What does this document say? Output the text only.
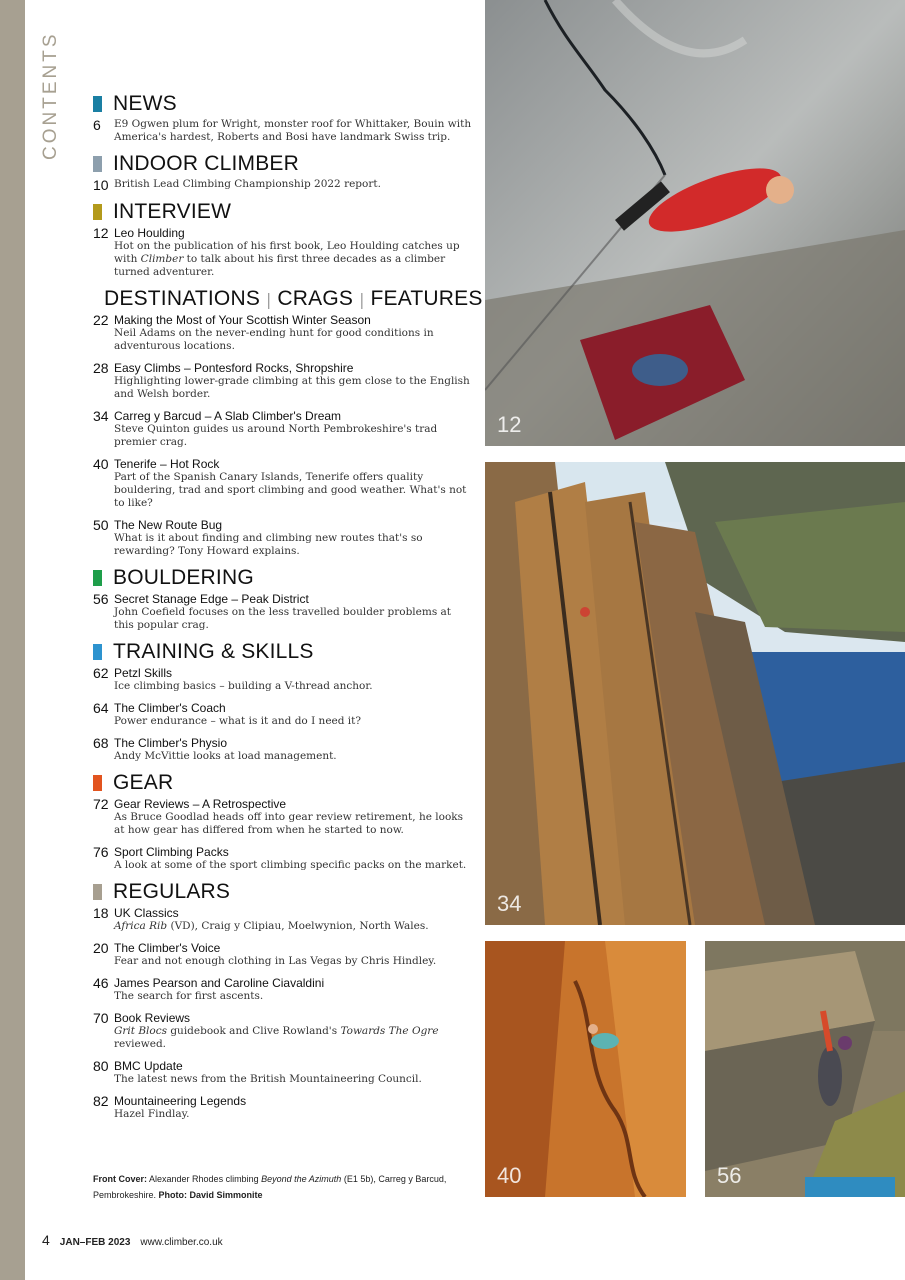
CONTENTS NEWS
6	E9 Ogwen plum for Wright, monster roof for Whittaker, Bouin with America's hardest, Roberts and Bosi have landmark Swiss trip.
INDOOR CLIMBER
10 British Lead Climbing Championship 2022 report.
INTERVIEW
12 Leo Houlding
Hot on the publication of his first book, Leo Houlding catches up with Climber to talk about his first three decades as a climber turned adventurer.
DESTINATIONS | CRAGS | FEATURES
22 Making the Most of Your Scottish Winter Season
Neil Adams on the never-ending hunt for good conditions in adventurous locations.
28 Easy Climbs – Pontesford Rocks, Shropshire
Highlighting lower-grade climbing at this gem close to the English and Welsh border.
34 Carreg y Barcud – A Slab Climber's Dream
Steve Quinton guides us around North Pembrokeshire's trad premier crag.
40 Tenerife – Hot Rock
Part of the Spanish Canary Islands, Tenerife offers quality bouldering, trad and sport climbing and good weather. What's not to like?
50 The New Route Bug
What is it about finding and climbing new routes that's so rewarding? Tony Howard explains.
BOULDERING
56 Secret Stanage Edge – Peak District
John Coefield focuses on the less travelled boulder problems at this popular crag.
TRAINING & SKILLS
62 Petzl Skills
Ice climbing basics – building a V-thread anchor.
64 The Climber's Coach
Power endurance – what is it and do I need it?
68 The Climber's Physio
Andy McVittie looks at load management.
GEAR
72 Gear Reviews – A Retrospective
As Bruce Goodlad heads off into gear review retirement, he looks at how gear has differed from when he started to now.
76 Sport Climbing Packs
A look at some of the sport climbing specific packs on the market.
REGULARS
18 UK Classics
Africa Rib (VD), Craig y Clipiau, Moelwynion, North Wales.
20 The Climber's Voice
Fear and not enough clothing in Las Vegas by Chris Hindley.
46 James Pearson and Caroline Ciavaldini
The search for first ascents.
70 Book Reviews
Grit Blocs guidebook and Clive Rowland's Towards The Ogre reviewed.
80 BMC Update
The latest news from the British Mountaineering Council.
82 Mountaineering Legends
Hazel Findlay.
Front Cover: Alexander Rhodes climbing Beyond the Azimuth (E1 5b), Carreg y Barcud, Pembrokeshire. Photo: David Simmonite
4 JAN–FEB 2023 www.climber.co.uk
12
34
40	56
